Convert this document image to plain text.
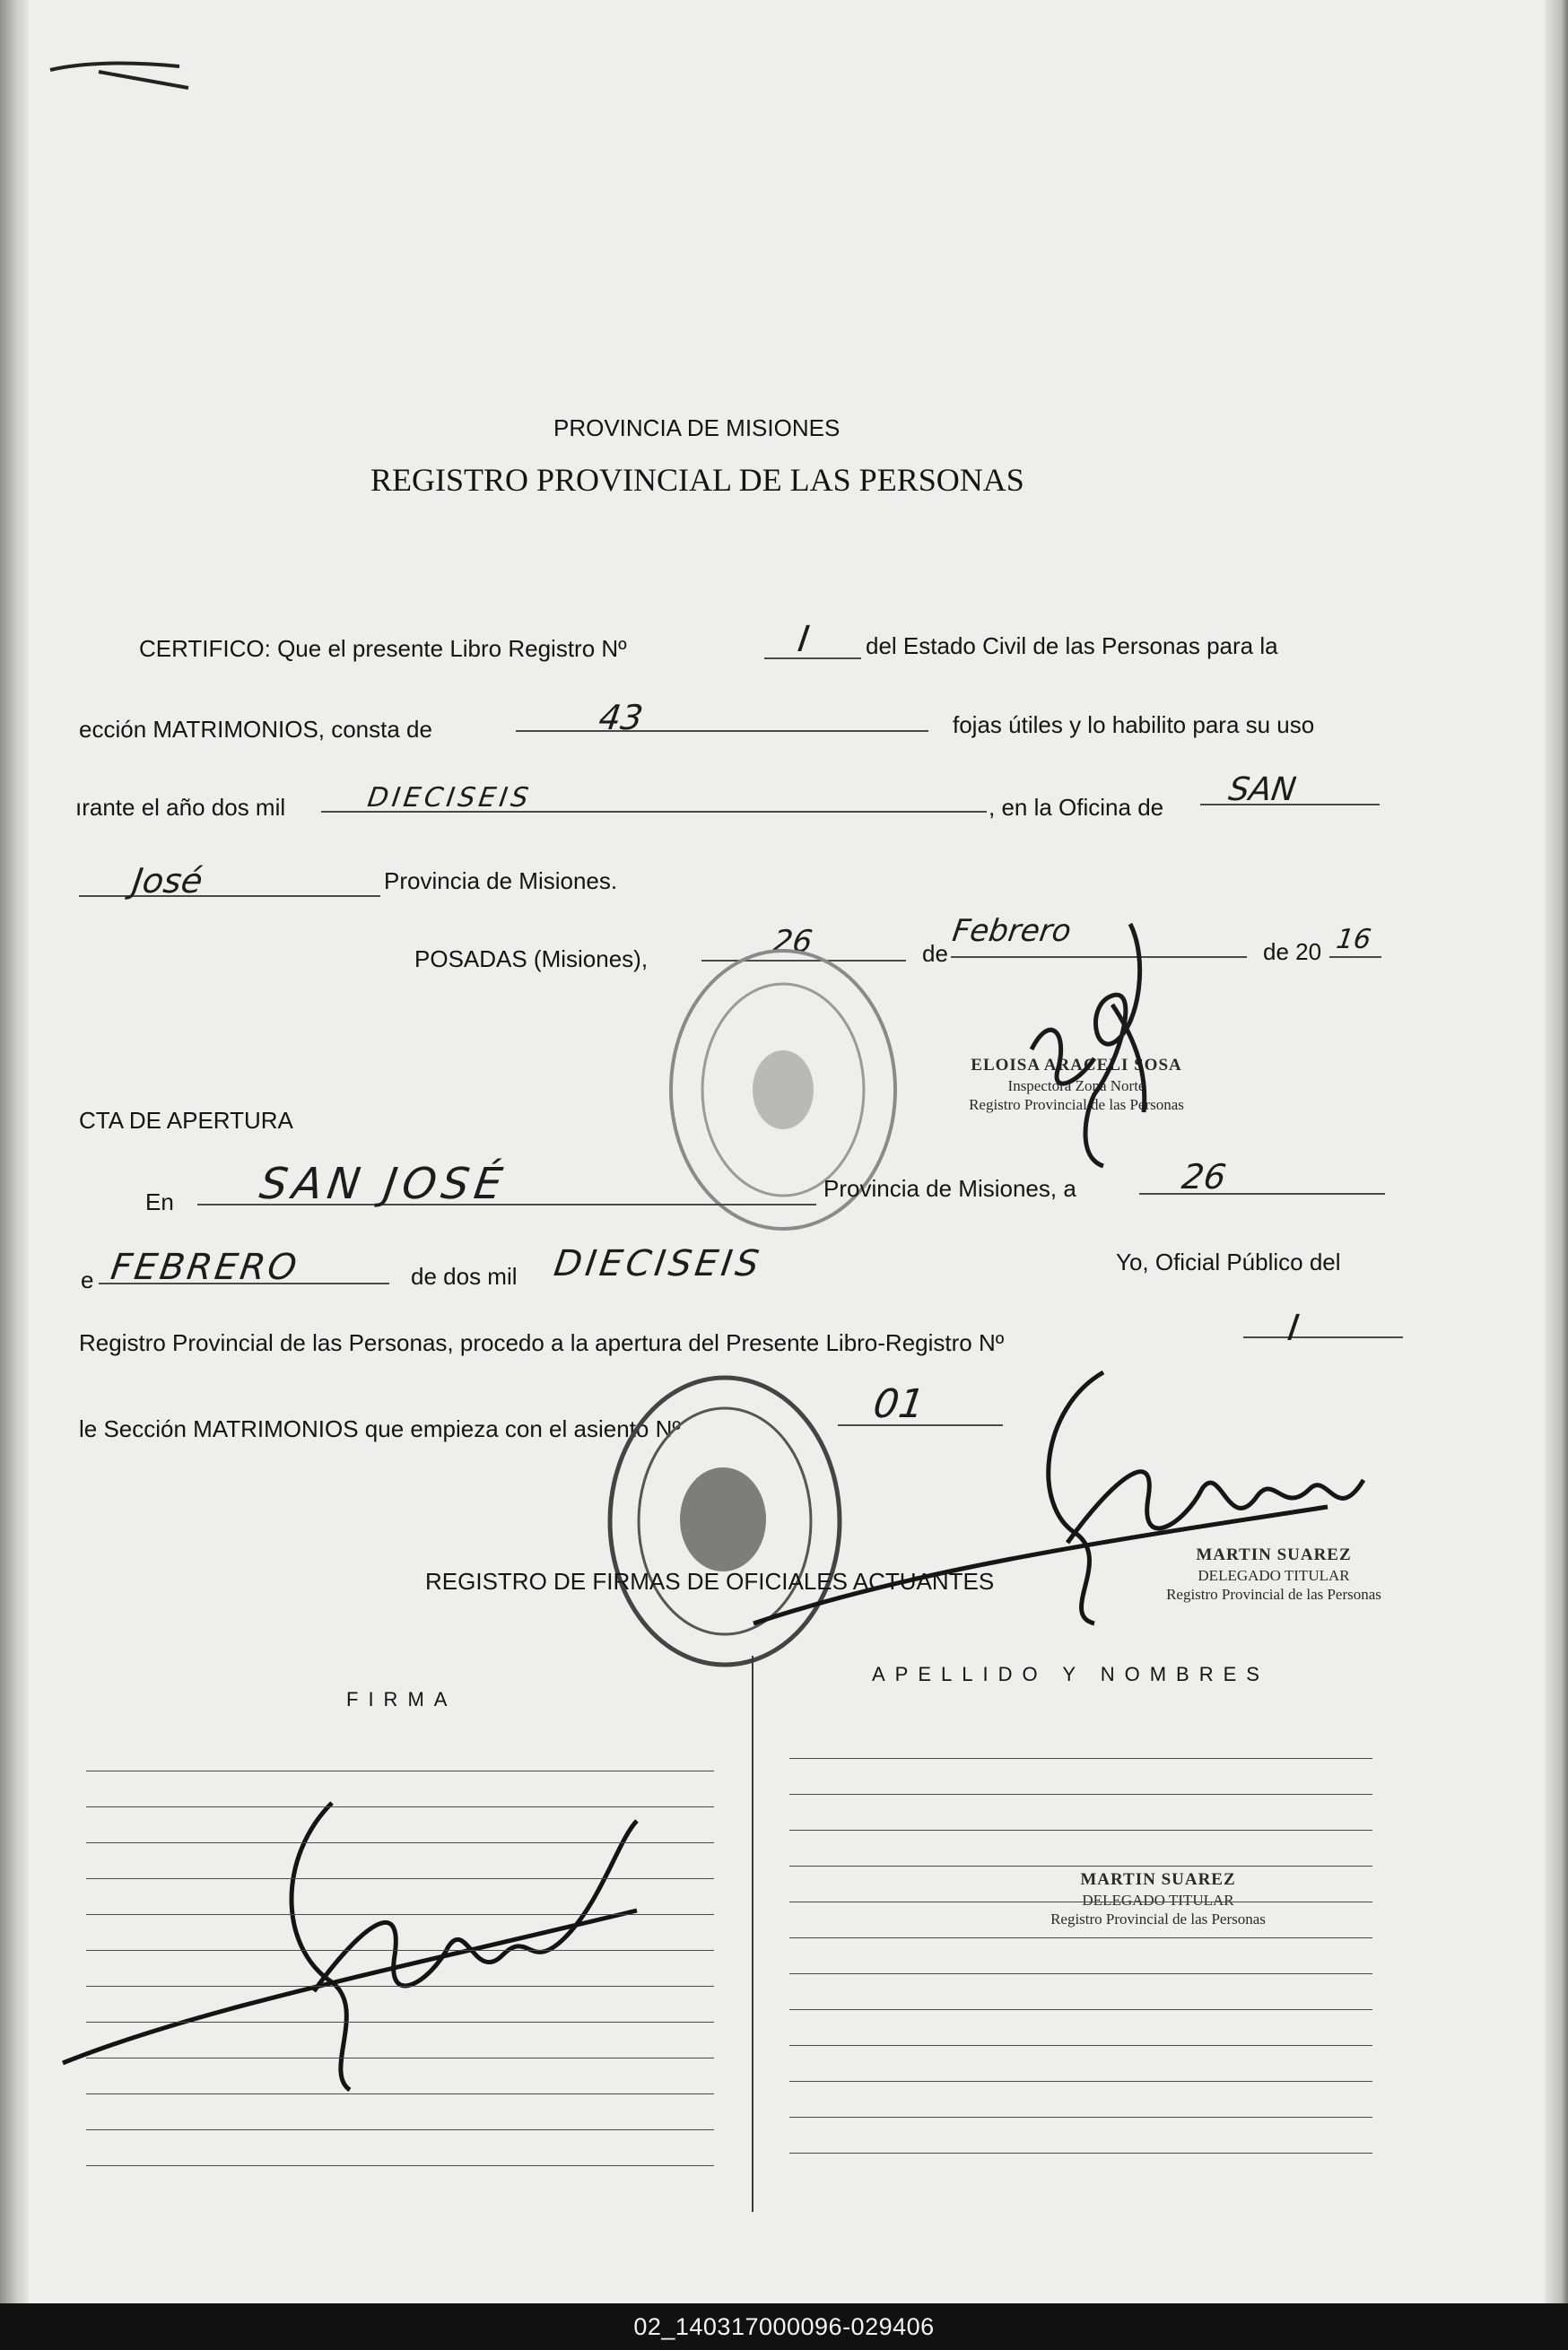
PROVINCIA DE MISIONES
REGISTRO PROVINCIAL DE LAS PERSONAS
CERTIFICO: Que el presente Libro Registro Nº	I del Estado Civil de las Personas para la
ección MATRIMONIOS, consta de	43	fojas útiles y lo habilito para su uso
ırante el año dos mil	DIECISEIS	, en la Oficina de SAN
José	Provincia de Misiones.
POSADAS (Misiones),	26	de
Febrero
de 20 16
ELOISA ARACELI SOSA
Inspectora Zona Norte
Registro Provincial de las Personas
CTA DE APERTURA
En SAN JOSÉ	Provincia de Misiones, a	26
e FEBRERO	de dos mil DIECISEIS	Yo, Oficial Público del
Registro Provincial de las Personas, procedo a la apertura del Presente Libro-Registro Nº	I
le Sección MATRIMONIOS que empieza con el asiento Nº
01
REGISTRO DE FIRMAS DE OFICIALES ACTUANTES
MARTIN SUAREZ
DELEGADO TITULAR
Registro Provincial de las Personas
FIRMA
APELLIDO Y NOMBRES
MARTIN SUAREZ
DELEGADO TITULAR
Registro Provincial de las Personas
02_140317000096-029406
